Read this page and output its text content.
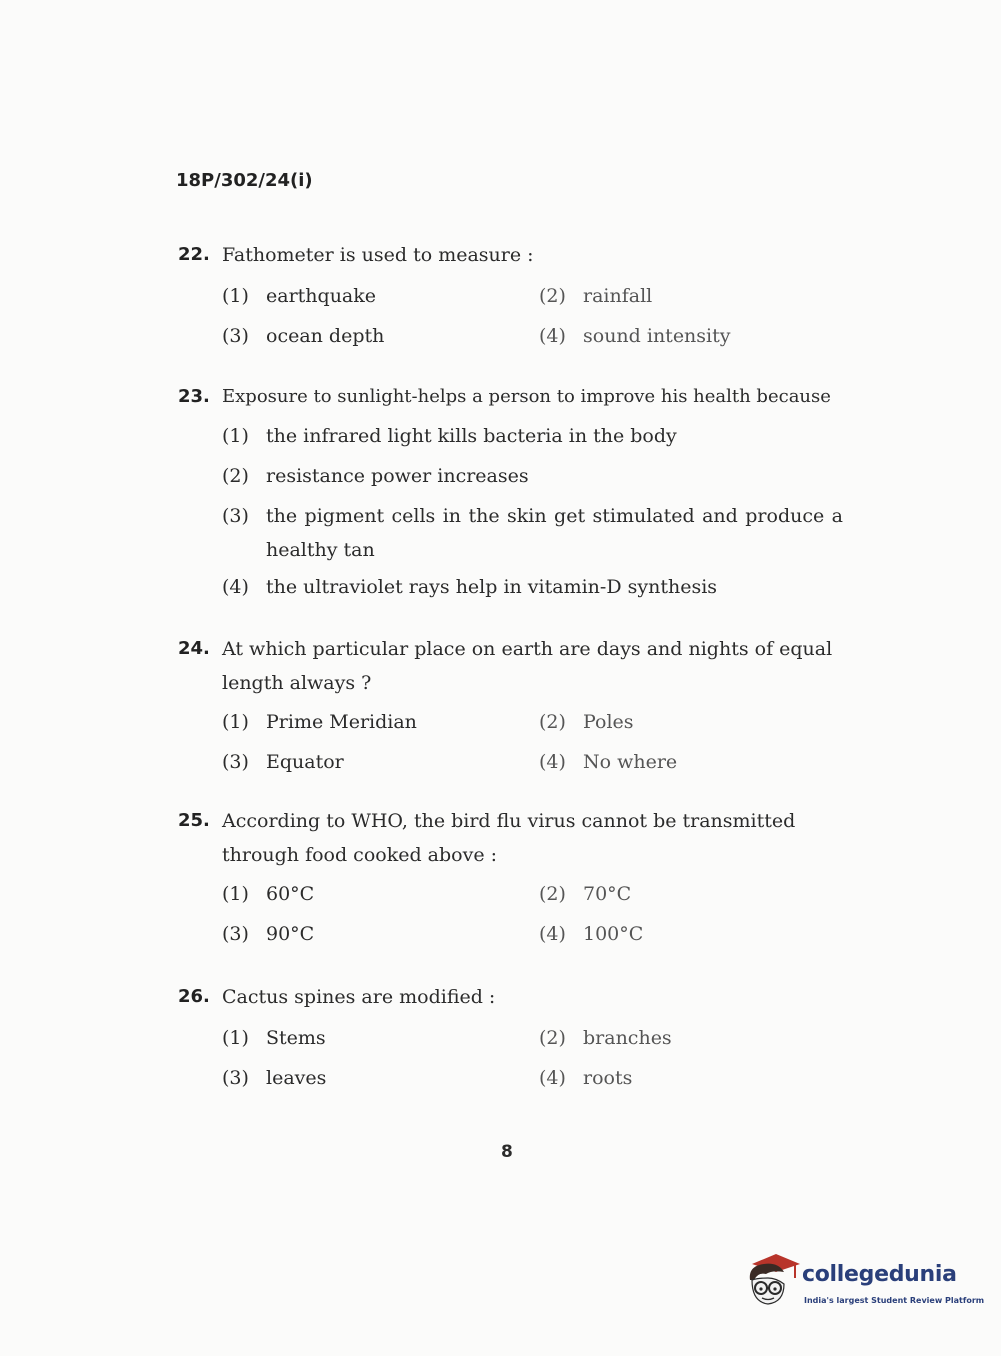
18P/302/24(i)
22. Fathometer is used to measure :
(1) earthquake	(2) rainfall
(3) ocean depth	(4) sound intensity
23. Exposure to sunlight-helps a person to improve his health because
(1) the infrared light kills bacteria in the body
(2) resistance power increases
(3) the pigment cells in the skin get stimulated and produce a healthy tan
(4) the ultraviolet rays help in vitamin-D synthesis
24. At which particular place on earth are days and nights of equal length always ?
(1) Prime Meridian	(2) Poles
(3) Equator	(4) No where
25. According to WHO, the bird flu virus cannot be transmitted through food cooked above :
(1) 60°C	(2) 70°C
(3) 90°C	(4) 100°C
26. Cactus spines are modified :
(1) Stems	(2) branches
(3) leaves	(4) roots
8
collegedunia
India's largest Student Review Platform
